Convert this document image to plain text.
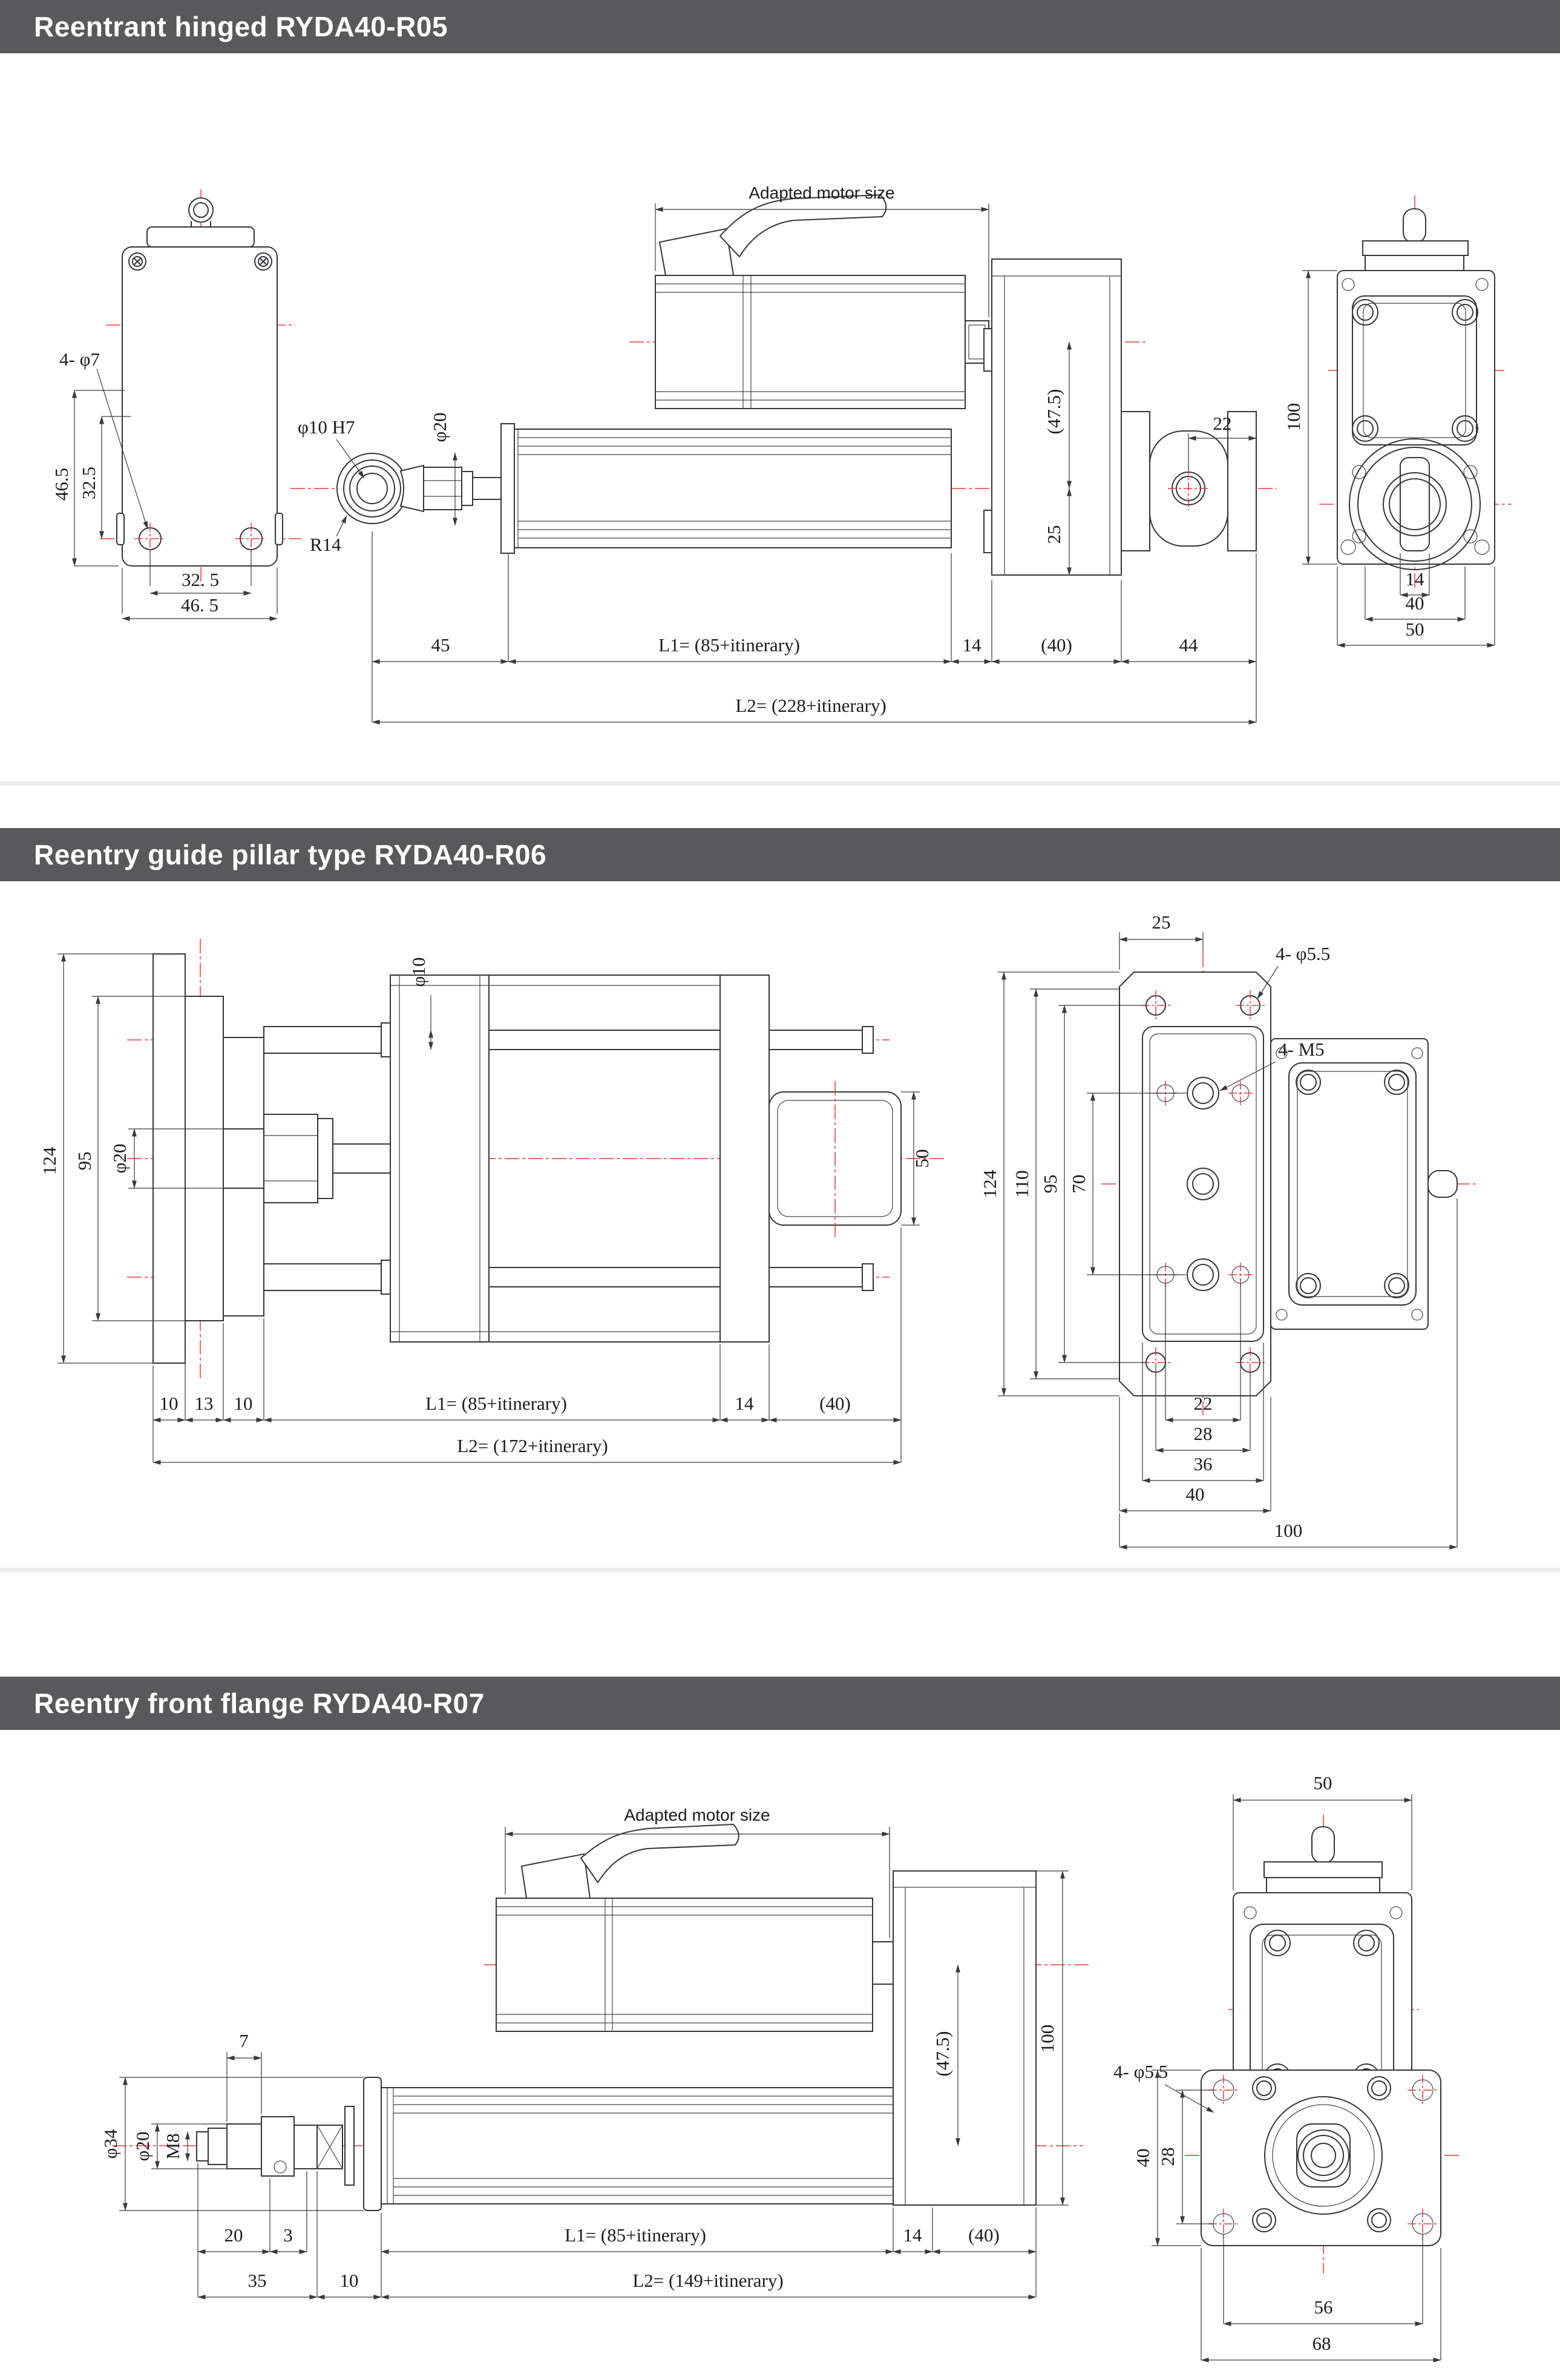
Reentrant hinged RYDA40-R05
4- φ7
46.5 32.5
32. 5
46. 5
Adapted motor size
φ10 H7
R14
φ20	(47.5)
25
22
45	L1= (85+itinerary)	14	(40)	44
L2= (228+itinerary)
100
14
40
50
Reentry guide pillar type RYDA40-R06
124 95 φ20
φ10
50
10 13 10	L1= (85+itinerary)	14	(40)
L2= (172+itinerary)
25
4- φ5.5
4- M5
124 110 95 70
22
28
36
40
100
Reentry front flange RYDA40-R07
Adapted motor size
(47.5)	100
7
φ34 φ20 M8
20 3
35	10
L1= (85+itinerary)	14 (40)
L2= (149+itinerary)
50
4- φ5.5
40 28
56
68
